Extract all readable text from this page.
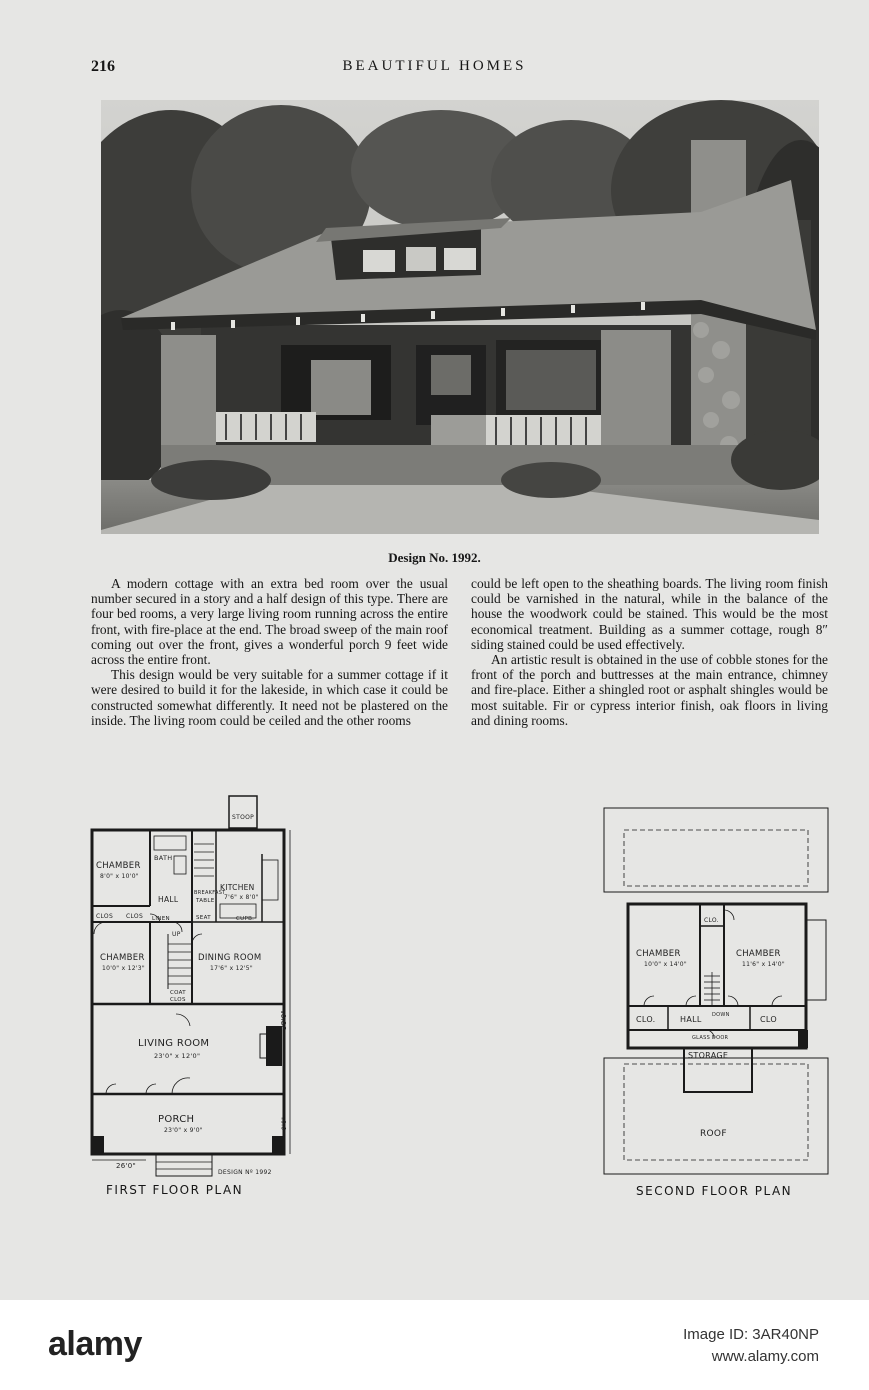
216	BEAUTIFUL HOMES
Design No. 1992.

A modern cottage with an extra bed room over the usual number secured in a story and a half design of this type. There are four bed rooms, a very large living room running across the entire front, with fire-place at the end. The broad sweep of the main roof coming out over the front, gives a wonderful porch 9 feet wide across the entire front.

This design would be very suitable for a summer cottage if it were desired to build it for the lakeside, in which case it could be constructed somewhat differently. It need not be plastered on the inside. The living room could be ceiled and the other rooms

could be left open to the sheathing boards. The living room finish could be varnished in the natural, while in the balance of the house the woodwork could be stained. This would be the most economical treatment. Building as a summer cottage, rough 8″ siding stained could be used effectively.

An artistic result is obtained in the use of cobble stones for the front of the porch and buttresses at the main entrance, chimney and fire-place. Either a shingled root or asphalt shingles would be most suitable. Fir or cypress interior finish, oak floors in living and dining rooms.

STOOP
CHAMBER
8'0" x 10'0"
BATH
HALL
CLOS CLOS LINEN
BREAKFAST
TABLE
SEAT
KITCHEN
7'6" x 8'0"
CUPB.
CHAMBER
10'0" x 12'3"
UP
DINING ROOM
17'6" x 12'5"
COAT
CLOS
LIVING ROOM
23'0" x 12'0"
PORCH
23'0" x 9'0"
26'0"
DESIGN Nº 1992
38'0"
9'0"
FIRST FLOOR PLAN
CLO.
CHAMBER
10'0" x 14'0"
CHAMBER
11'6" x 14'0"
CLO.	HALL DOWN	CLO
GLASS DOOR
STORAGE
ROOF
SECOND FLOOR PLAN
alamy	Image ID: 3AR40NP
www.alamy.com
